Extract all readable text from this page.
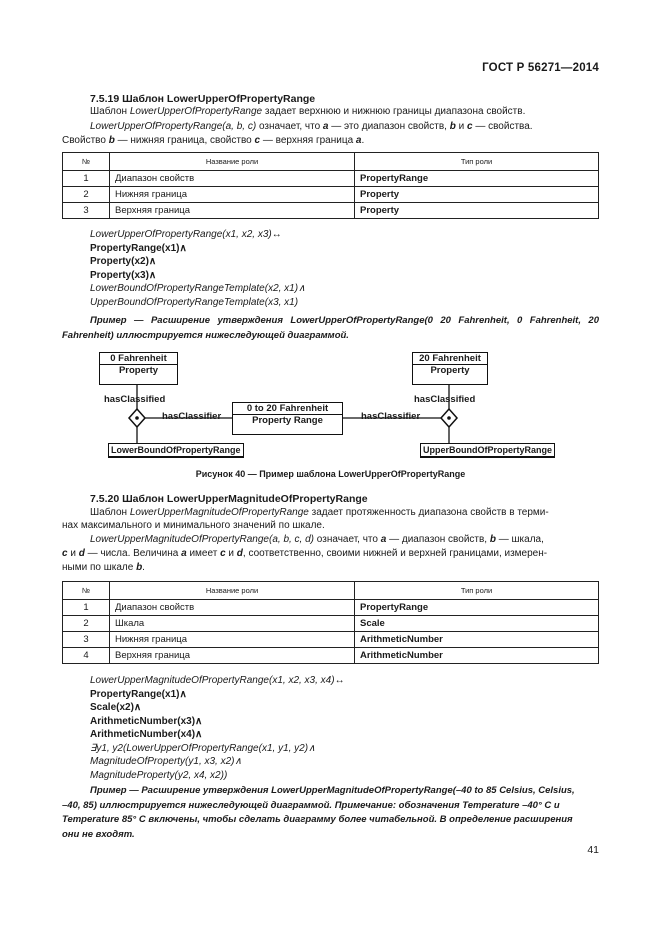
ГОСТ Р 56271—2014
7.5.19 Шаблон LowerUpperOfPropertyRange
Шаблон LowerUpperOfPropertyRange задает верхнюю и нижнюю границы диапазона свойств.
LowerUpperOfPropertyRange(a, b, c) означает, что a — это диапазон свойств, b и c — свойства.
Свойство b — нижняя граница, свойство c — верхняя граница a.
№	Название роли	Тип роли
1	Диапазон свойств	PropertyRange
2	Нижняя граница	Property
3	Верхняя граница	Property
LowerUpperOfPropertyRange(x1, x2, x3)↔
PropertyRange(x1)∧
Property(x2)∧
Property(x3)∧
LowerBoundOfPropertyRangeTemplate(x2, x1)∧
UpperBoundOfPropertyRangeTemplate(x3, x1)
Пример — Расширение утверждения LowerUpperOfPropertyRange(0 20 Fahrenheit, 0 Fahrenheit, 20 Fahrenheit) иллюстрируется нижеследующей диаграммой.
0 Fahrenheit
Property
20 Fahrenheit
Property
0 to 20 Fahrenheit
Property Range
hasClassified	hasClassified
hasClassifier	hasClassifier
LowerBoundOfPropertyRange	UpperBoundOfPropertyRange
Рисунок 40 — Пример шаблона LowerUpperOfPropertyRange
7.5.20 Шаблон LowerUpperMagnitudeOfPropertyRange
Шаблон LowerUpperMagnitudeOfPropertyRange задает протяженность диапазона свойств в терми-
нах максимального и минимального значений по шкале.
LowerUpperMagnitudeOfPropertyRange(a, b, c, d) означает, что a — диапазон свойств, b — шкала,
c и d — числа. Величина a имеет c и d, соответственно, своими нижней и верхней границами, измерен-
ными по шкале b.
№	Название роли	Тип роли
1	Диапазон свойств	PropertyRange
2	Шкала	Scale
3	Нижняя граница	ArithmeticNumber
4	Верхняя граница	ArithmeticNumber
LowerUpperMagnitudeOfPropertyRange(x1, x2, x3, x4)↔
PropertyRange(x1)∧
Scale(x2)∧
ArithmeticNumber(x3)∧
ArithmeticNumber(x4)∧
∃y1, y2(LowerUpperOfPropertyRange(x1, y1, y2)∧
MagnitudeOfProperty(y1, x3, x2)∧
MagnitudeProperty(y2, x4, x2))
Пример — Расширение утверждения LowerUpperMagnitudeOfPropertyRange(–40 to 85 Celsius, Celsius,
–40, 85) иллюстрируется нижеследующей диаграммой. Примечание: обозначения Temperature –40° C и
Temperature 85° C включены, чтобы сделать диаграмму более читабельной. В определение расширения
они не входят.
41
